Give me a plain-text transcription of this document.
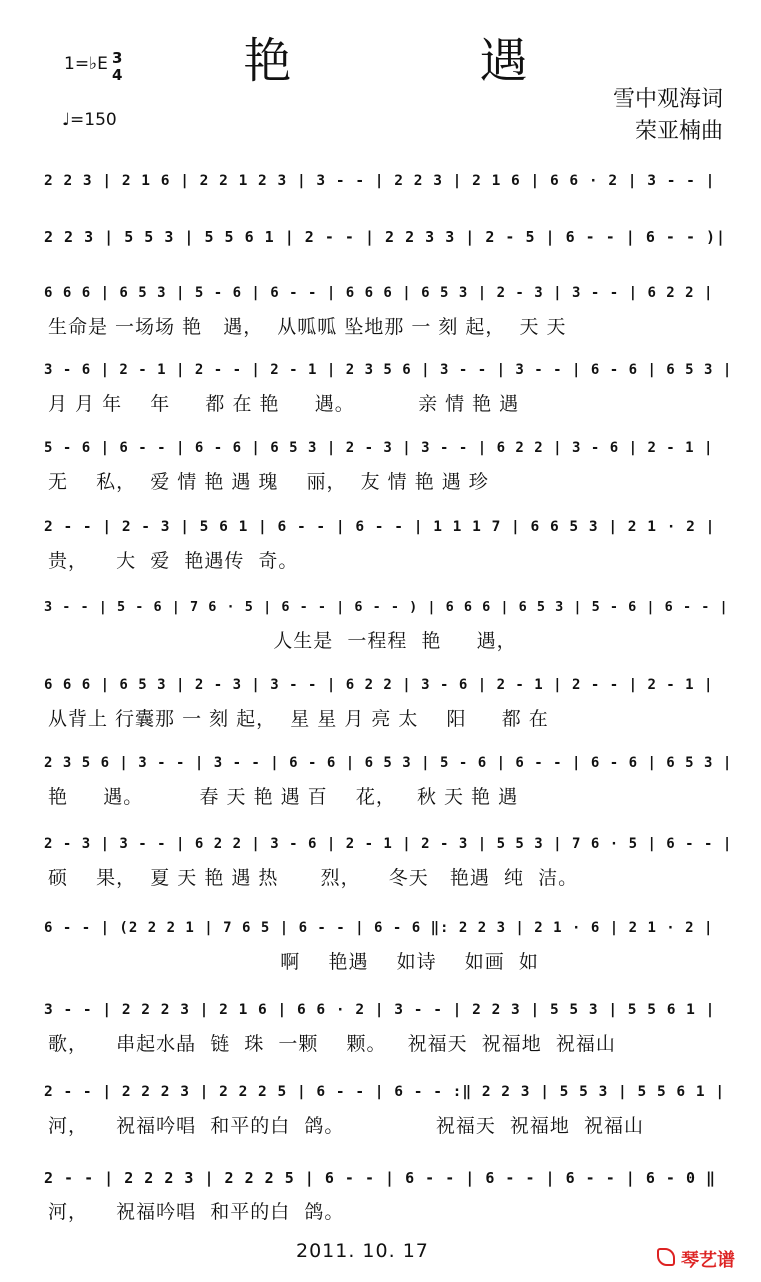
艳　遇
1=♭E 3
4
♩=150
雪中观海词
荣亚楠曲
2 2 3 | 2 1 6 | 2 2 1 2 3 | 3 - - | 2 2 3 | 2 1 6 | 6 6 · 2 | 3 - - |
2 2 3 | 5 5 3 | 5 5 6 1 | 2 - - | 2 2 3 3 | 2 - 5 | 6 - - | 6 - - )|
6 6 6 | 6 5 3 | 5 - 6 | 6 - - | 6 6 6 | 6 5 3 | 2 - 3 | 3 - - | 6 2 2 |
生命是 一场场 艳   遇，  从呱呱 坠地那 一 刻 起，  天 天
3 - 6 | 2 - 1 | 2 - - | 2 - 1 | 2 3 5 6 | 3 - - | 3 - - | 6 - 6 | 6 5 3 |
月 月 年    年     都 在 艳     遇。         亲 情 艳 遇
5 - 6 | 6 - - | 6 - 6 | 6 5 3 | 2 - 3 | 3 - - | 6 2 2 | 3 - 6 | 2 - 1 |
无    私，  爱 情 艳 遇 瑰    丽，  友 情 艳 遇 珍
2 - - | 2 - 3 | 5 6 1 | 6 - - | 6 - - | 1 1 1 7 | 6 6 5 3 | 2 1 · 2 |
贵，    大  爱  艳遇传  奇。
3 - - | 5 - 6 | 7 6 · 5 | 6 - - | 6 - - ) | 6 6 6 | 6 5 3 | 5 - 6 | 6 - - |
人生是  一程程  艳     遇，
6 6 6 | 6 5 3 | 2 - 3 | 3 - - | 6 2 2 | 3 - 6 | 2 - 1 | 2 - - | 2 - 1 |
从背上 行囊那 一 刻 起，  星 星 月 亮 太    阳     都 在
2 3 5 6 | 3 - - | 3 - - | 6 - 6 | 6 5 3 | 5 - 6 | 6 - - | 6 - 6 | 6 5 3 |
艳     遇。        春 天 艳 遇 百    花，   秋 天 艳 遇
2 - 3 | 3 - - | 6 2 2 | 3 - 6 | 2 - 1 | 2 - 3 | 5 5 3 | 7 6 · 5 | 6 - - |
硕    果，  夏 天 艳 遇 热      烈，    冬天   艳遇  纯  洁。
6 - - | (2 2 2 1 | 7 6 5 | 6 - - | 6 - 6 ‖: 2 2 3 | 2 1 · 6 | 2 1 · 2 |
啊    艳遇    如诗    如画  如
3 - - | 2 2 2 3 | 2 1 6 | 6 6 · 2 | 3 - - | 2 2 3 | 5 5 3 | 5 5 6 1 |
歌，    串起水晶  链  珠  一颗    颗。   祝福天  祝福地  祝福山
2 - - | 2 2 2 3 | 2 2 2 5 | 6 - - | 6 - - :‖ 2 2 3 | 5 5 3 | 5 5 6 1 |
河，    祝福吟唱  和平的白  鸽。             祝福天  祝福地  祝福山
2 - - | 2 2 2 3 | 2 2 2 5 | 6 - - | 6 - - | 6 - - | 6 - - | 6 - 0 ‖
河，    祝福吟唱  和平的白  鸽。
2011. 10. 17	琴艺谱
